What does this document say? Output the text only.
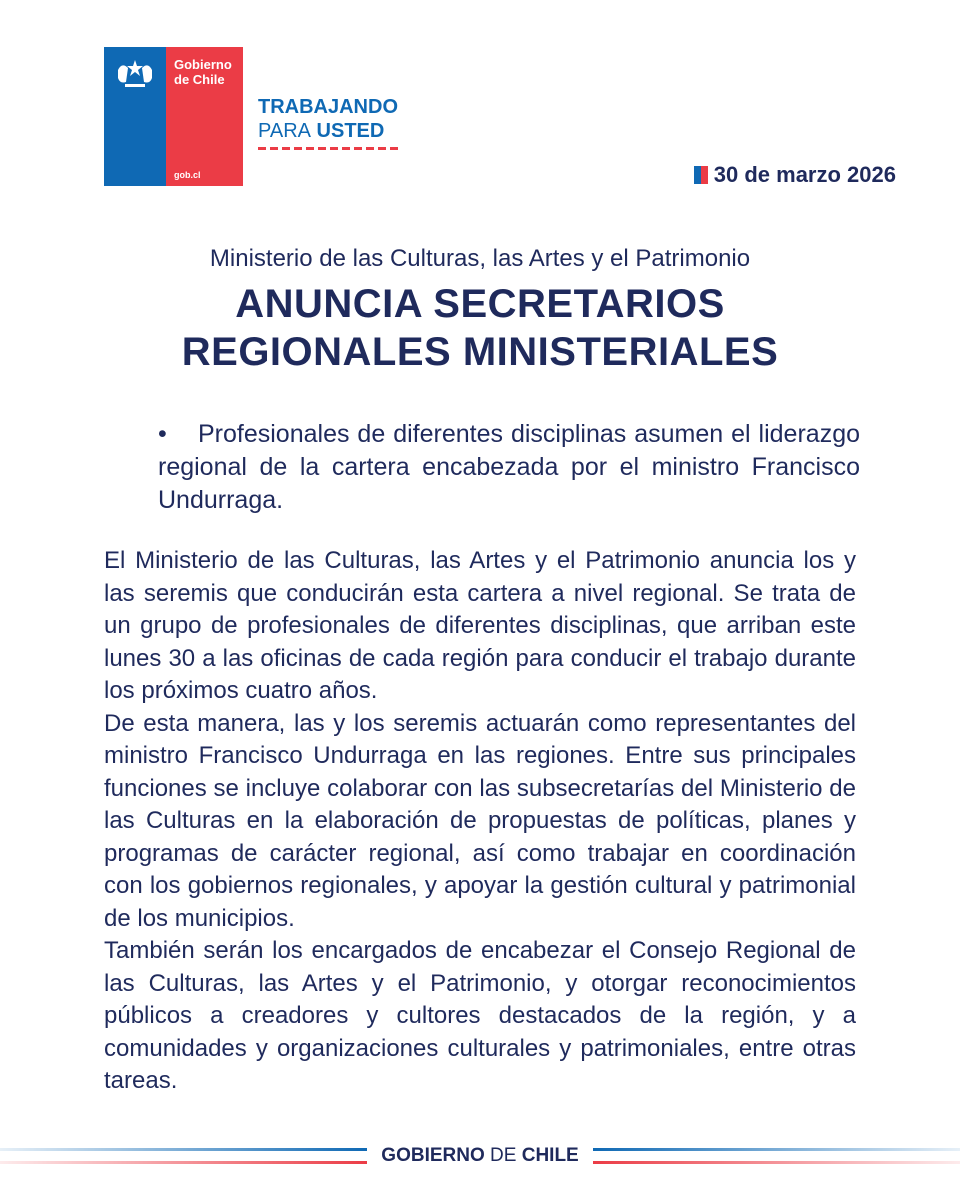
Gobierno
de Chile
gob.cl
TRABAJANDO
PARA USTED
30 de marzo 2026
Ministerio de las Culturas, las Artes y el Patrimonio
ANUNCIA SECRETARIOS
REGIONALES MINISTERIALES
• Profesionales de diferentes disciplinas asumen el liderazgo regional de la cartera encabezada por el ministro Francisco Undurraga.

El Ministerio de las Culturas, las Artes y el Patrimonio anuncia los y las seremis que conducirán esta cartera a nivel regional. Se trata de un grupo de profesionales de diferentes disciplinas, que arriban este lunes 30 a las oficinas de cada región para conducir el trabajo durante los próximos cuatro años.

De esta manera, las y los seremis actuarán como representantes del ministro Francisco Undurraga en las regiones. Entre sus principales funciones se incluye colaborar con las subsecretarías del Ministerio de las Culturas en la elaboración de propuestas de políticas, planes y programas de carácter regional, así como trabajar en coordinación con los gobiernos regionales, y apoyar la gestión cultural y patrimonial de los municipios.

También serán los encargados de encabezar el Consejo Regional de las Culturas, las Artes y el Patrimonio, y otorgar reconocimientos públicos a creadores y cultores destacados de la región, y a comunidades y organizaciones culturales y patrimoniales, entre otras tareas.

GOBIERNO DE CHILE
